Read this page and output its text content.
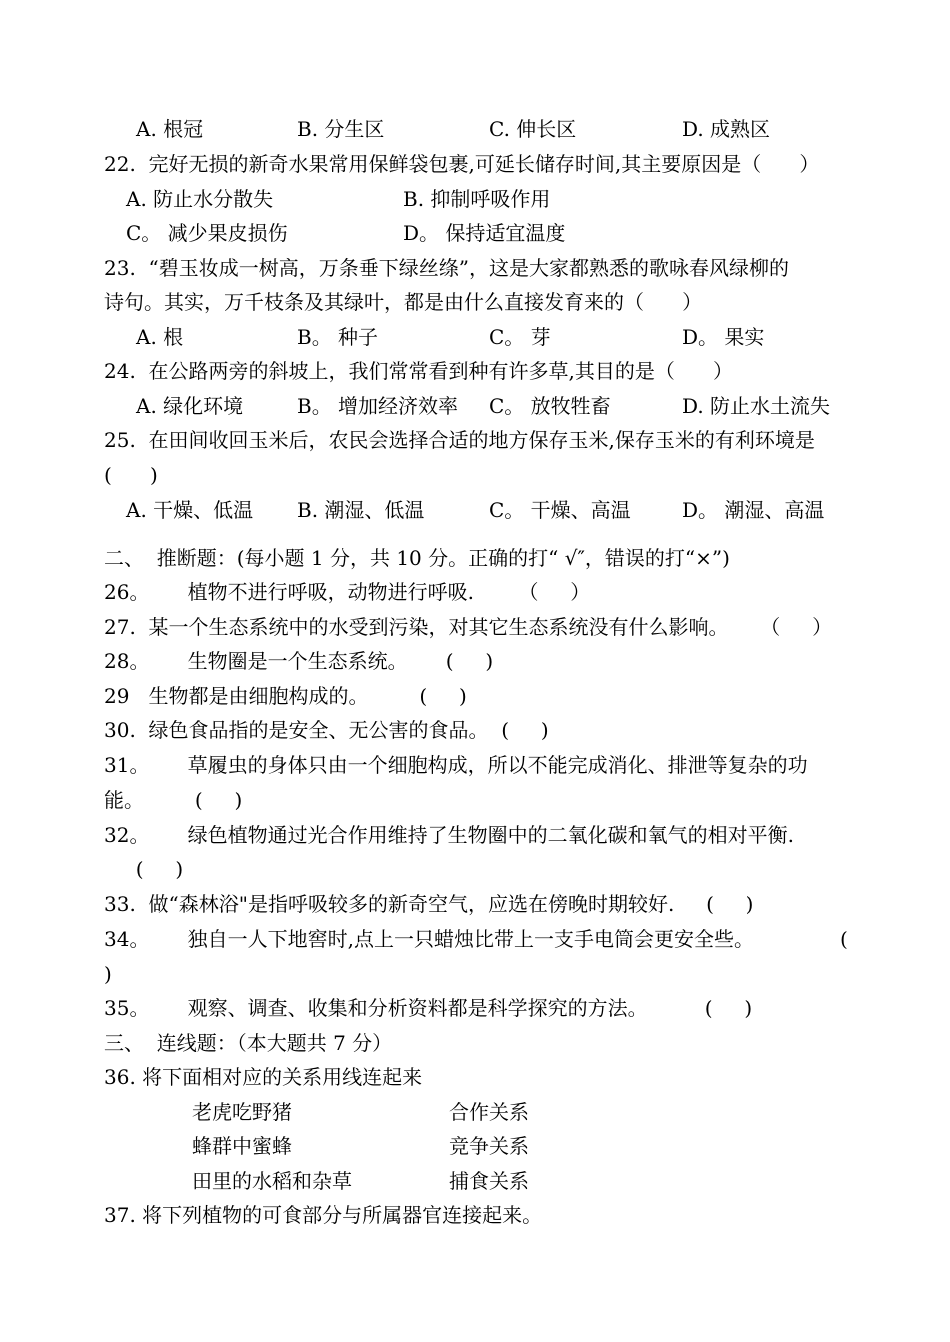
A. 根冠	B. 分生区	C. 伸长区	D. 成熟区
22.  完好无损的新奇水果常用保鲜袋包裹,可延长储存时间,其主要原因是（      ）
A. 防止水分散失	B. 抑制呼吸作用
C。 减少果皮损伤	D。 保持适宜温度
23.  “碧玉妆成一树高，万条垂下绿丝绦”，这是大家都熟悉的歌咏春风绿柳的
诗句。其实，万千枝条及其绿叶，都是由什么直接发育来的（      ）
A. 根	B。 种子	C。 芽	D。 果实
24.  在公路两旁的斜坡上，我们常常看到种有许多草,其目的是（      ）
A. 绿化环境	B。 增加经济效率 C。 放牧牲畜	D. 防止水土流失
25.  在田间收回玉米后，农民会选择合适的地方保存玉米,保存玉米的有利环境是
(      )
A. 干燥、低温 B. 潮湿、低温	C。 干燥、高温	D。 潮湿、高温
二、  推断题：(每小题 1 分，共 10 分。正确的打“ √″，错误的打“×”)
26。      植物不进行呼吸，动物进行呼吸.       （     ）
27.  某一个生态系统中的水受到污染，对其它生态系统没有什么影响。     （     ）
28。      生物圈是一个生态系统。      (     )
29   生物都是由细胞构成的。        (     )
30.  绿色食品指的是安全、无公害的食品。  (     )
31。      草履虫的身体只由一个细胞构成，所以不能完成消化、排泄等复杂的功
能。        (     )
32。      绿色植物通过光合作用维持了生物圈中的二氧化碳和氧气的相对平衡.
(     )
33.  做“森林浴"是指呼吸较多的新奇空气，应选在傍晚时期较好.     (     )
34。      独自一人下地窖时,点上一只蜡烛比带上一支手电筒会更安全些。	(
)
35。      观察、调查、收集和分析资料都是科学探究的方法。         (     )
三、  连线题：（本大题共 7 分）
36. 将下面相对应的关系用线连起来
老虎吃野猪	合作关系
蜂群中蜜蜂	竞争关系
田里的水稻和杂草	捕食关系
37. 将下列植物的可食部分与所属器官连接起来。
